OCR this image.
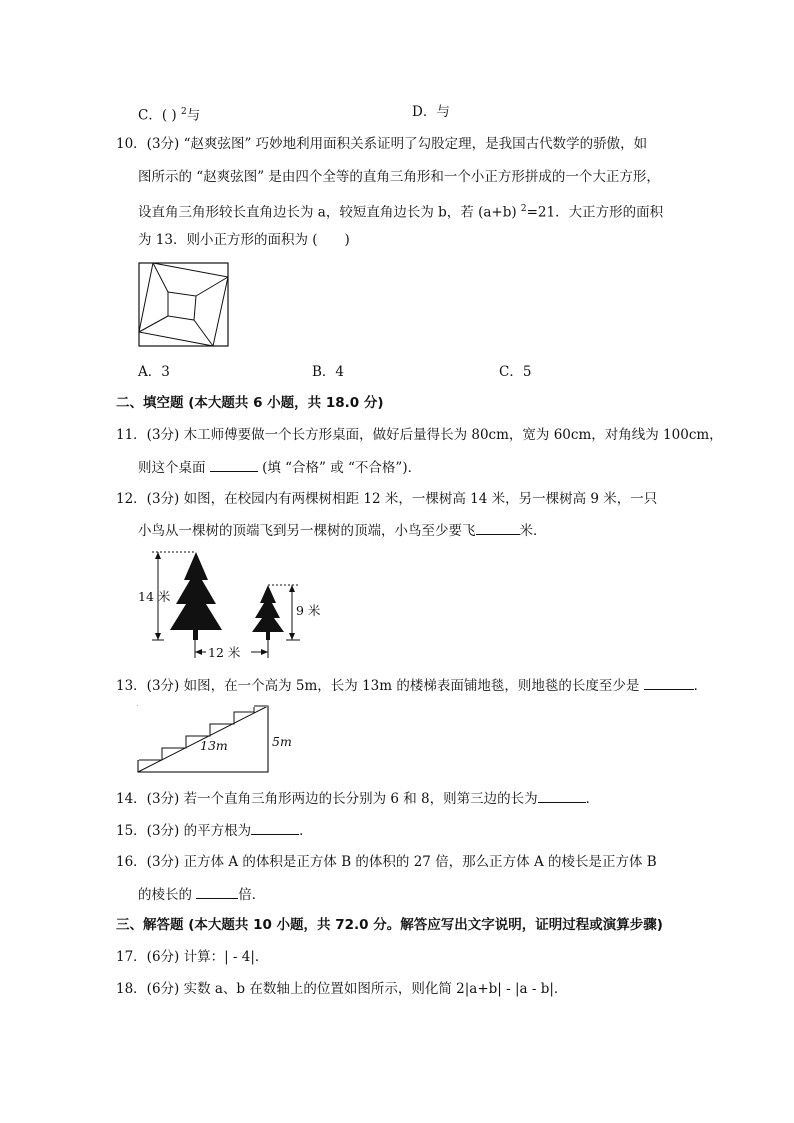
C．( ) $^2$与	D．与
10．(3分) “赵爽弦图” 巧妙地利用面积关系证明了勾股定理，是我国古代数学的骄傲，如
图所示的 “赵爽弦图” 是由四个全等的直角三角形和一个小正方形拼成的一个大正方形，
设直角三角形较长直角边长为 a，较短直角边长为 b，若 (a+b) $^2$=21．大正方形的面积
为 13．则小正方形的面积为 (　　)
A．3	B．4	C．5
二、填空题 (本大题共 6 小题，共 18.0 分)
11．(3分) 木工师傅要做一个长方形桌面，做好后量得长为 80cm，宽为 60cm，对角线为 100cm，
则这个桌面	(填 “合格” 或 “不合格”)．
12．(3分) 如图，在校园内有两棵树相距 12 米，一棵树高 14 米，另一棵树高 9 米，一只
小鸟从一棵树的顶端飞到另一棵树的顶端，小鸟至少要飞	米．
14 米
9 米
12 米
13．(3分) 如图，在一个高为 5m，长为 13m 的楼梯表面铺地毯，则地毯的长度至少是	．
13m	5m
14．(3分) 若一个直角三角形两边的长分别为 6 和 8，则第三边的长为	．
15．(3分) 的平方根为	．
16．(3分) 正方体 A 的体积是正方体 B 的体积的 27 倍，那么正方体 A 的棱长是正方体 B
的棱长的	倍．
三、解答题 (本大题共 10 小题，共 72.0 分。解答应写出文字说明，证明过程或演算步骤)
17．(6分) 计算：| - 4|．
18．(6分) 实数 a、b 在数轴上的位置如图所示，则化简 2|a+b| - |a - b|．
